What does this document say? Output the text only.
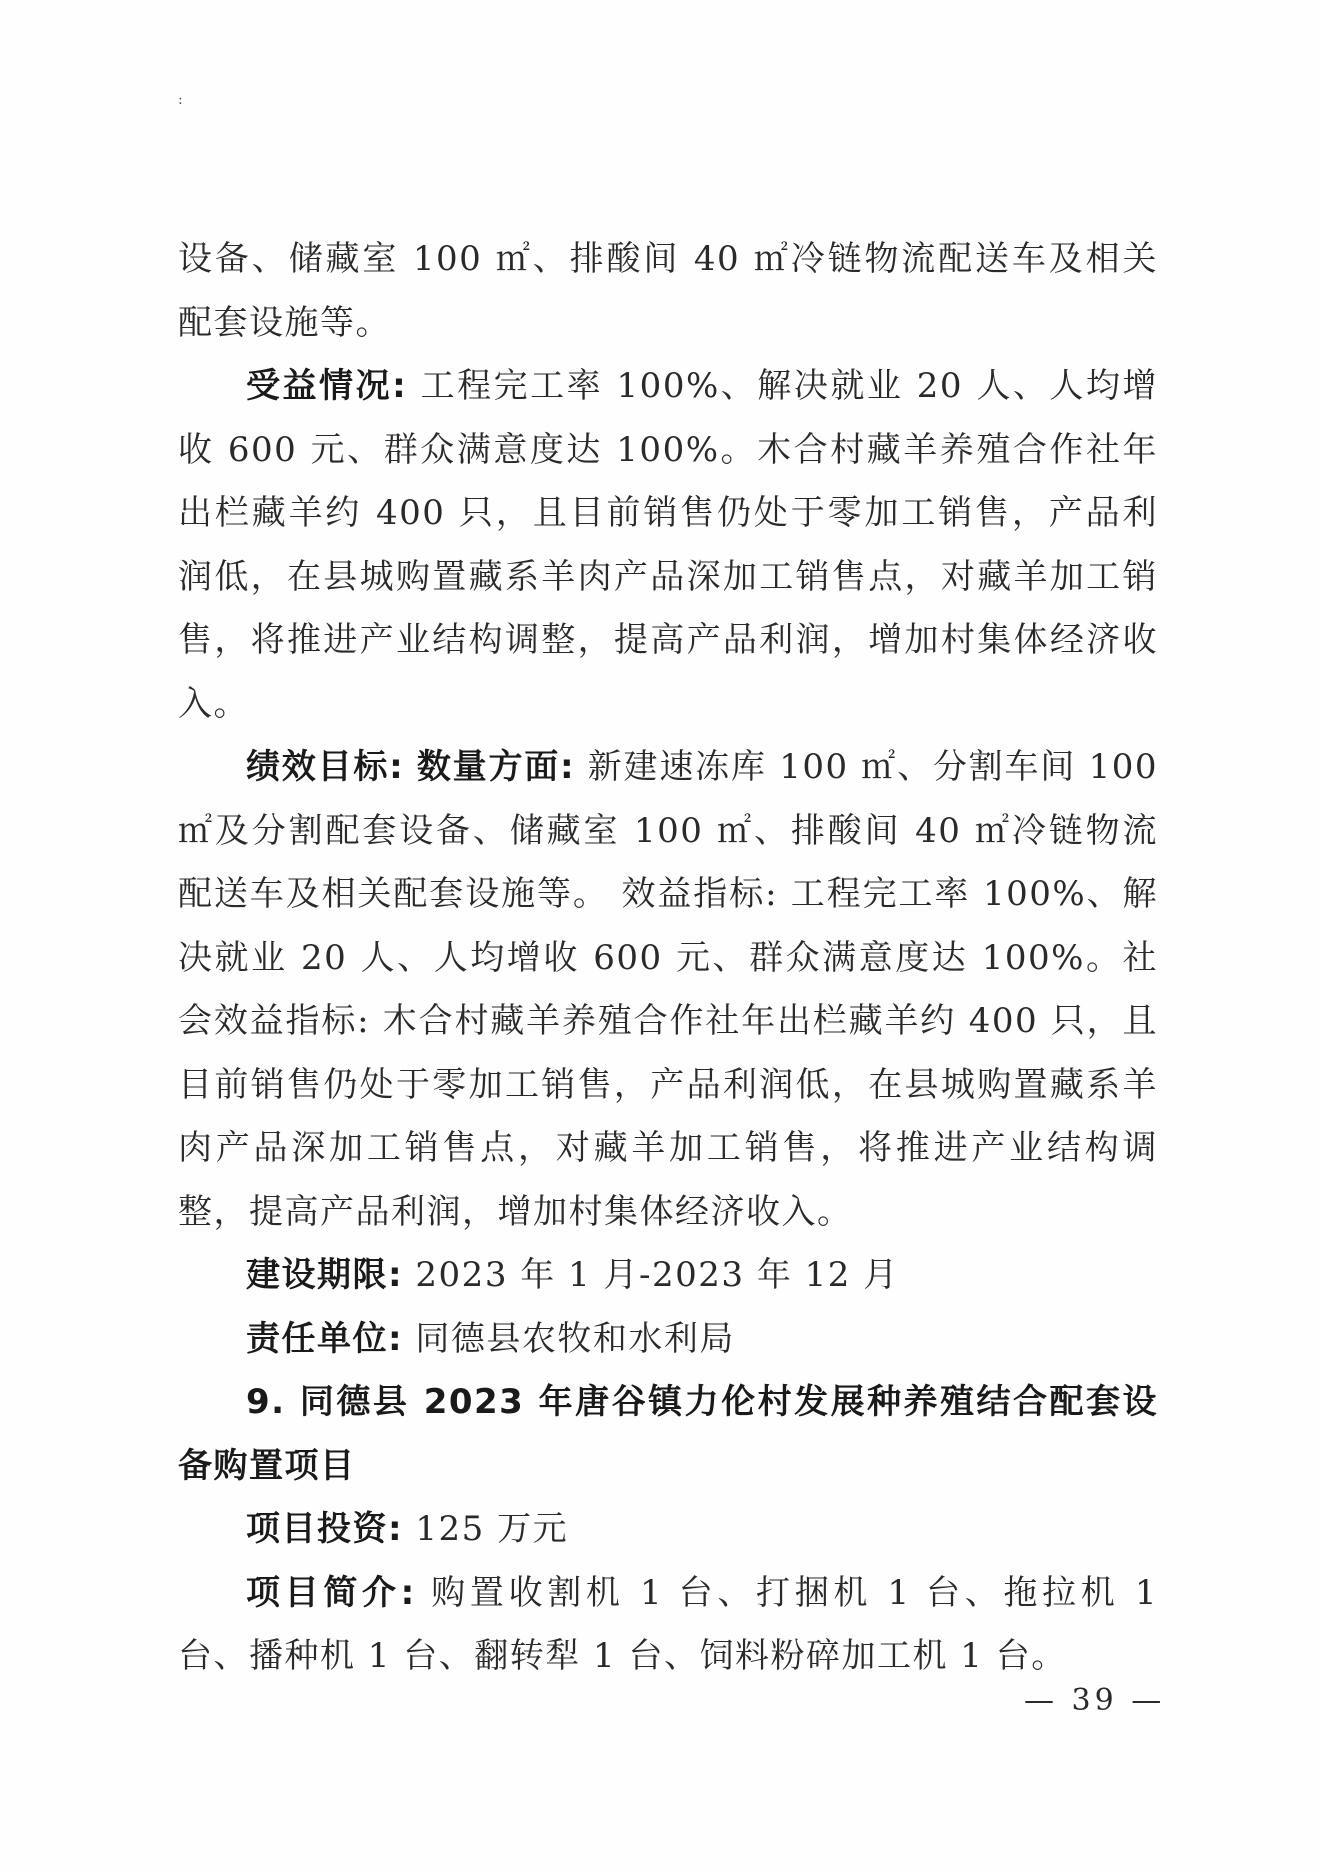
:

设备、储藏室 100 ㎡、排酸间 40 ㎡冷链物流配送车及相关配套设施等。

受益情况: 工程完工率 100%、解决就业 20 人、人均增收 600 元、群众满意度达 100%。木合村藏羊养殖合作社年出栏藏羊约 400 只，且目前销售仍处于零加工销售，产品利润低，在县城购置藏系羊肉产品深加工销售点，对藏羊加工销售，将推进产业结构调整，提高产品利润，增加村集体经济收入。

绩效目标: 数量方面: 新建速冻库 100 ㎡、分割车间 100 ㎡及分割配套设备、储藏室 100 ㎡、排酸间 40 ㎡冷链物流配送车及相关配套设施等。 效益指标: 工程完工率 100%、解决就业 20 人、人均增收 600 元、群众满意度达 100%。社会效益指标: 木合村藏羊养殖合作社年出栏藏羊约 400 只，且目前销售仍处于零加工销售，产品利润低，在县城购置藏系羊肉产品深加工销售点，对藏羊加工销售，将推进产业结构调整，提高产品利润，增加村集体经济收入。

建设期限: 2023 年 1 月-2023 年 12 月

责任单位: 同德县农牧和水利局

9. 同德县 2023 年唐谷镇力伦村发展种养殖结合配套设备购置项目

项目投资: 125 万元

项目简介: 购置收割机 1 台、打捆机 1 台、拖拉机 1 台、播种机 1 台、翻转犁 1 台、饲料粉碎加工机 1 台。

— 39 —
